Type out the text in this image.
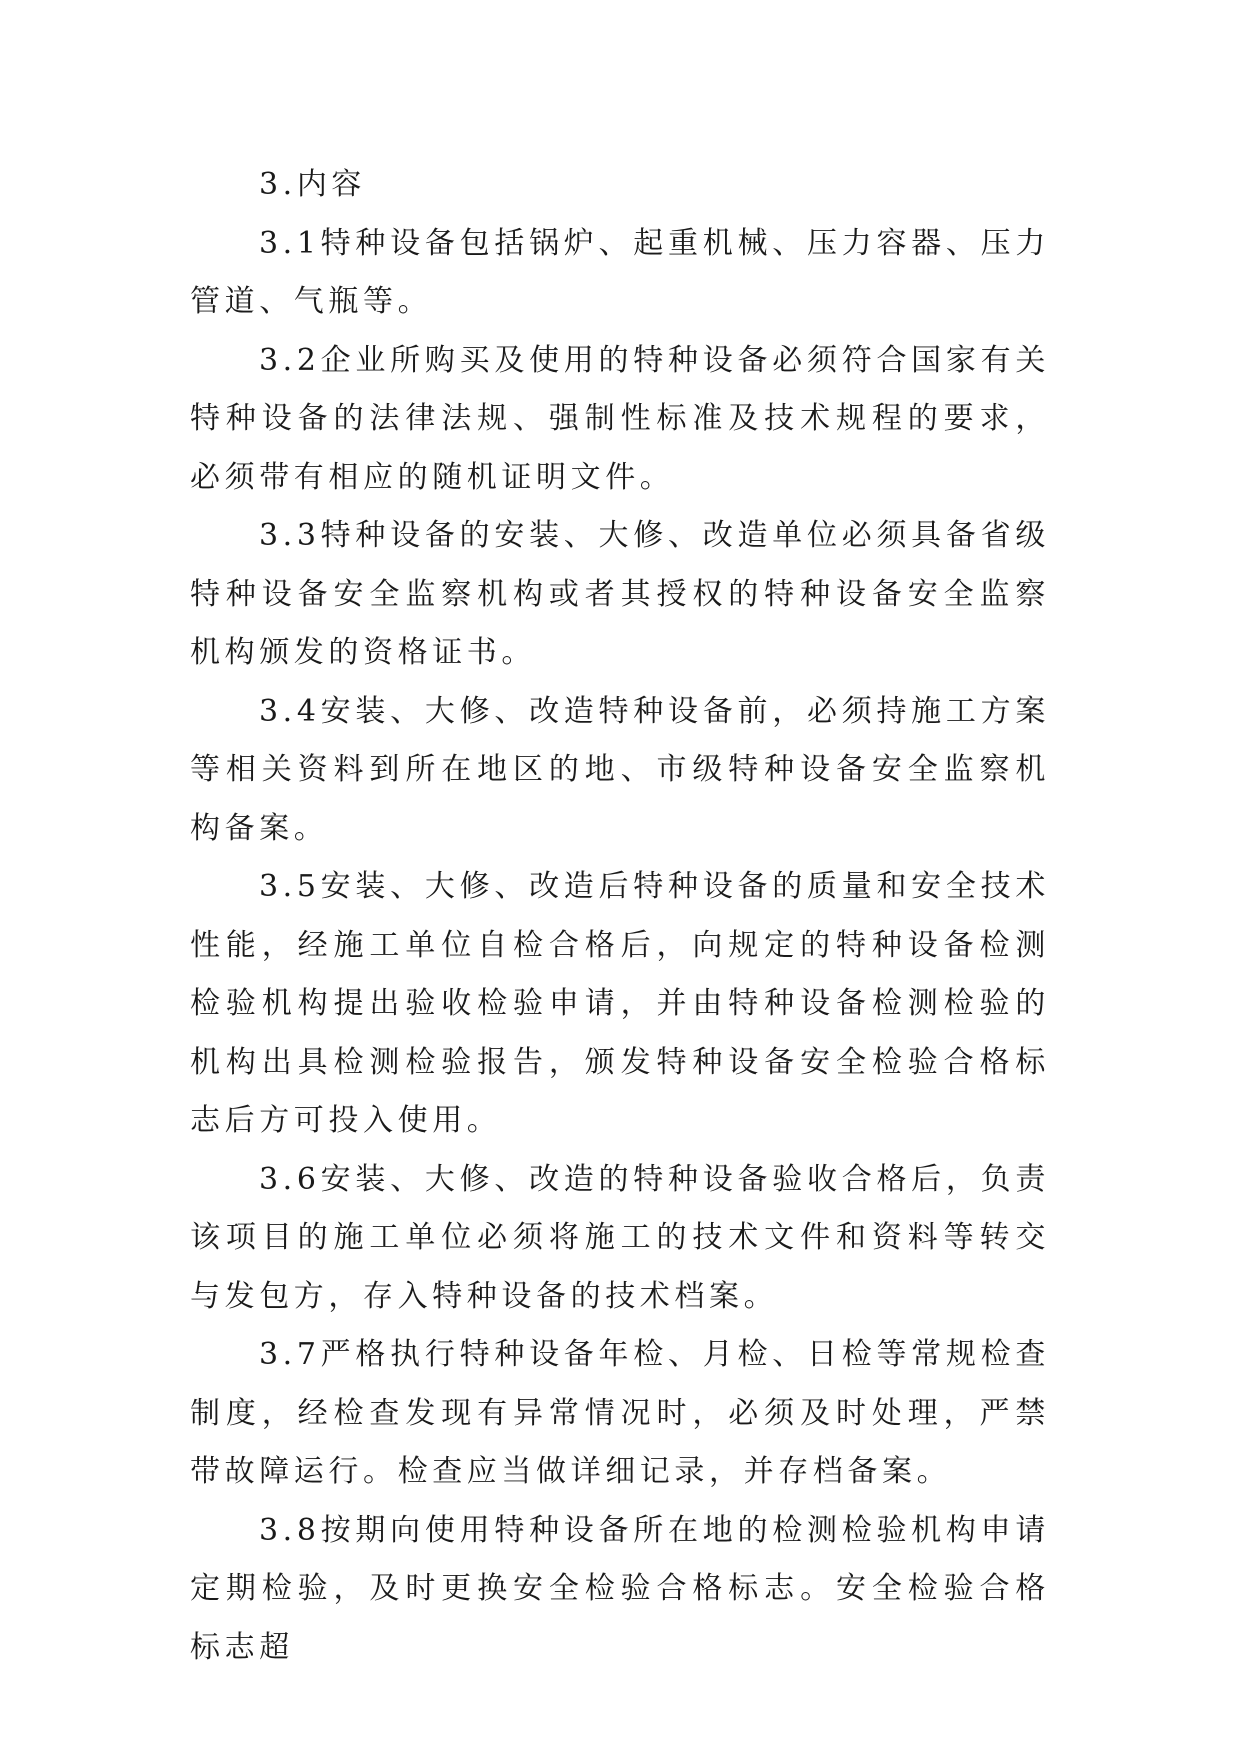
3.内容

3.1特种设备包括锅炉、起重机械、压力容器、压力管道、气瓶等。

3.2企业所购买及使用的特种设备必须符合国家有关特种设备的法律法规、强制性标准及技术规程的要求，必须带有相应的随机证明文件。

3.3特种设备的安装、大修、改造单位必须具备省级特种设备安全监察机构或者其授权的特种设备安全监察机构颁发的资格证书。

3.4安装、大修、改造特种设备前，必须持施工方案等相关资料到所在地区的地、市级特种设备安全监察机构备案。

3.5安装、大修、改造后特种设备的质量和安全技术性能，经施工单位自检合格后，向规定的特种设备检测检验机构提出验收检验申请，并由特种设备检测检验的机构出具检测检验报告，颁发特种设备安全检验合格标志后方可投入使用。

3.6安装、大修、改造的特种设备验收合格后，负责该项目的施工单位必须将施工的技术文件和资料等转交与发包方，存入特种设备的技术档案。

3.7严格执行特种设备年检、月检、日检等常规检查制度，经检查发现有异常情况时，必须及时处理，严禁带故障运行。检查应当做详细记录，并存档备案。

3.8按期向使用特种设备所在地的检测检验机构申请定期检验，及时更换安全检验合格标志。安全检验合格标志超
